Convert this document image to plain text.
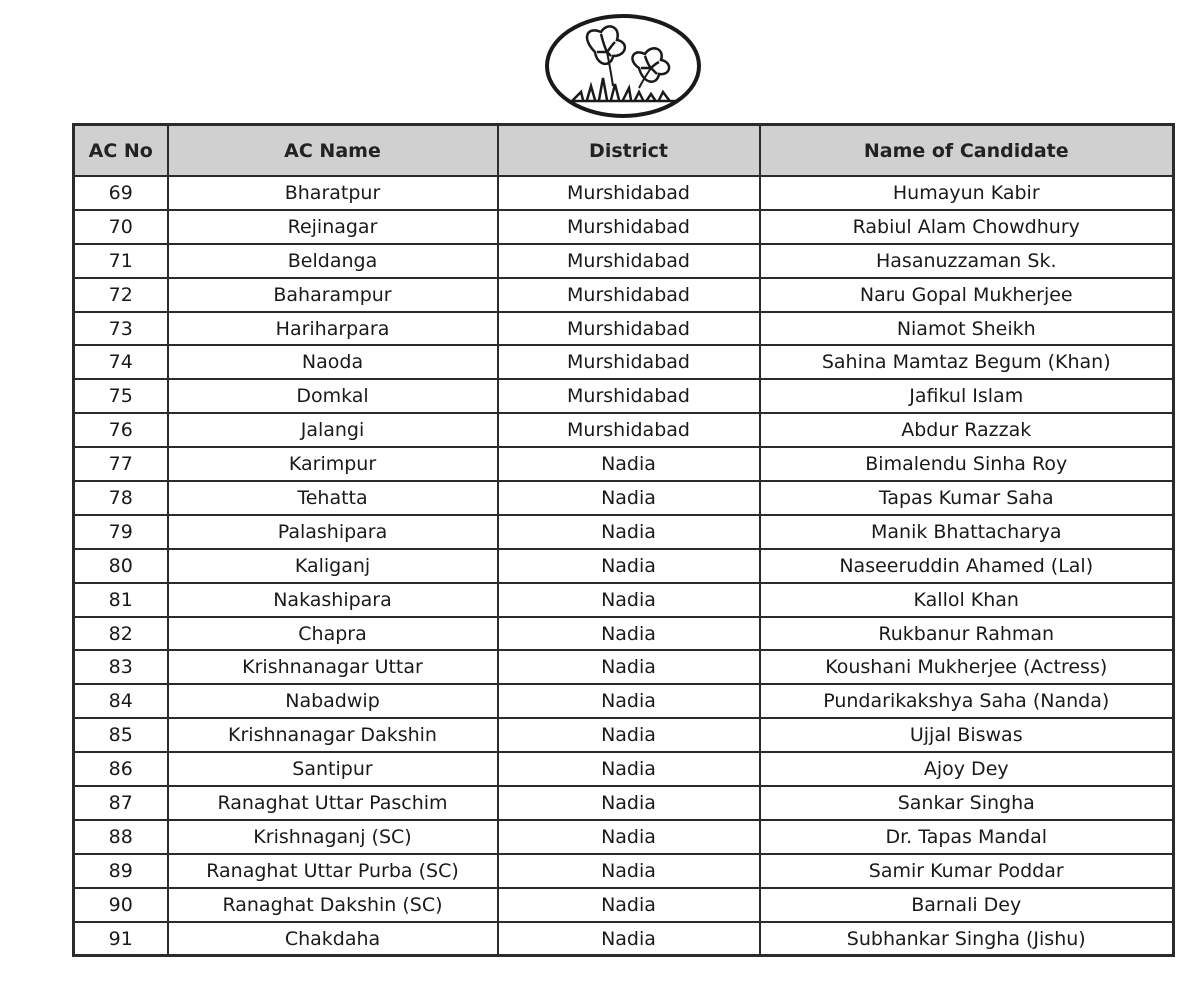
AC No	AC Name	District	Name of Candidate
69	Bharatpur	Murshidabad	Humayun Kabir
70	Rejinagar	Murshidabad	Rabiul Alam Chowdhury
71	Beldanga	Murshidabad	Hasanuzzaman Sk.
72	Baharampur	Murshidabad	Naru Gopal Mukherjee
73	Hariharpara	Murshidabad	Niamot Sheikh
74	Naoda	Murshidabad	Sahina Mamtaz Begum (Khan)
75	Domkal	Murshidabad	Jafikul Islam
76	Jalangi	Murshidabad	Abdur Razzak
77	Karimpur	Nadia	Bimalendu Sinha Roy
78	Tehatta	Nadia	Tapas Kumar Saha
79	Palashipara	Nadia	Manik Bhattacharya
80	Kaliganj	Nadia	Naseeruddin Ahamed (Lal)
81	Nakashipara	Nadia	Kallol Khan
82	Chapra	Nadia	Rukbanur Rahman
83	Krishnanagar Uttar	Nadia	Koushani Mukherjee (Actress)
84	Nabadwip	Nadia	Pundarikakshya Saha (Nanda)
85	Krishnanagar Dakshin	Nadia	Ujjal Biswas
86	Santipur	Nadia	Ajoy Dey
87	Ranaghat Uttar Paschim	Nadia	Sankar Singha
88	Krishnaganj (SC)	Nadia	Dr. Tapas Mandal
89	Ranaghat Uttar Purba (SC)	Nadia	Samir Kumar Poddar
90	Ranaghat Dakshin (SC)	Nadia	Barnali Dey
91	Chakdaha	Nadia	Subhankar Singha (Jishu)
